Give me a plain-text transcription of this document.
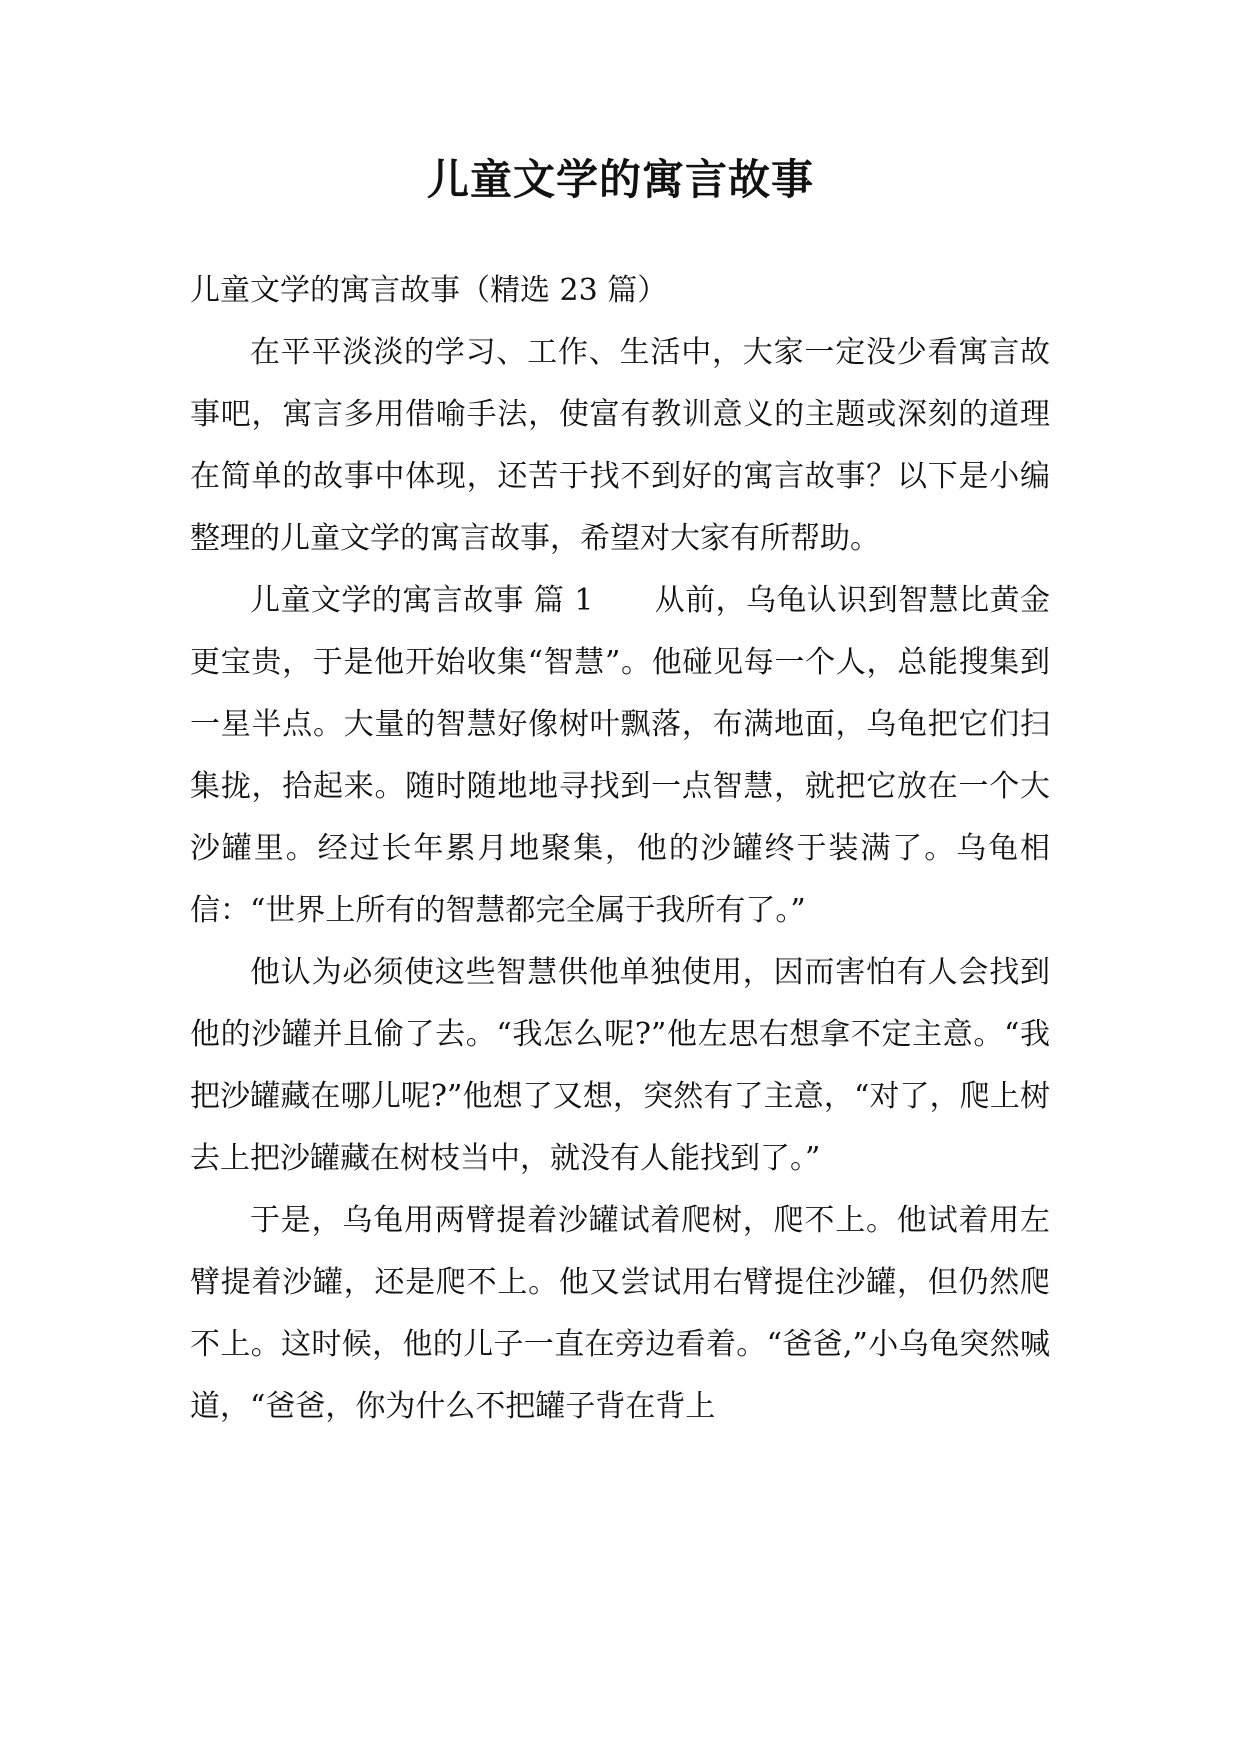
儿童文学的寓言故事

儿童文学的寓言故事（精选 23 篇）

在平平淡淡的学习、工作、生活中，大家一定没少看寓言故事吧，寓言多用借喻手法，使富有教训意义的主题或深刻的道理在简单的故事中体现，还苦于找不到好的寓言故事？以下是小编整理的儿童文学的寓言故事，希望对大家有所帮助。

儿童文学的寓言故事 篇 1　　从前，乌龟认识到智慧比黄金更宝贵，于是他开始收集“智慧”。他碰见每一个人，总能搜集到一星半点。大量的智慧好像树叶飘落，布满地面，乌龟把它们扫集拢，拾起来。随时随地地寻找到一点智慧，就把它放在一个大沙罐里。经过长年累月地聚集，他的沙罐终于装满了。乌龟相信：“世界上所有的智慧都完全属于我所有了。”

他认为必须使这些智慧供他单独使用，因而害怕有人会找到他的沙罐并且偷了去。“我怎么呢?”他左思右想拿不定主意。“我把沙罐藏在哪儿呢?”他想了又想，突然有了主意，“对了，爬上树去上把沙罐藏在树枝当中，就没有人能找到了。”

于是，乌龟用两臂提着沙罐试着爬树，爬不上。他试着用左臂提着沙罐，还是爬不上。他又尝试用右臂提住沙罐，但仍然爬不上。这时候，他的儿子一直在旁边看着。“爸爸,”小乌龟突然喊道，“爸爸，你为什么不把罐子背在背上
